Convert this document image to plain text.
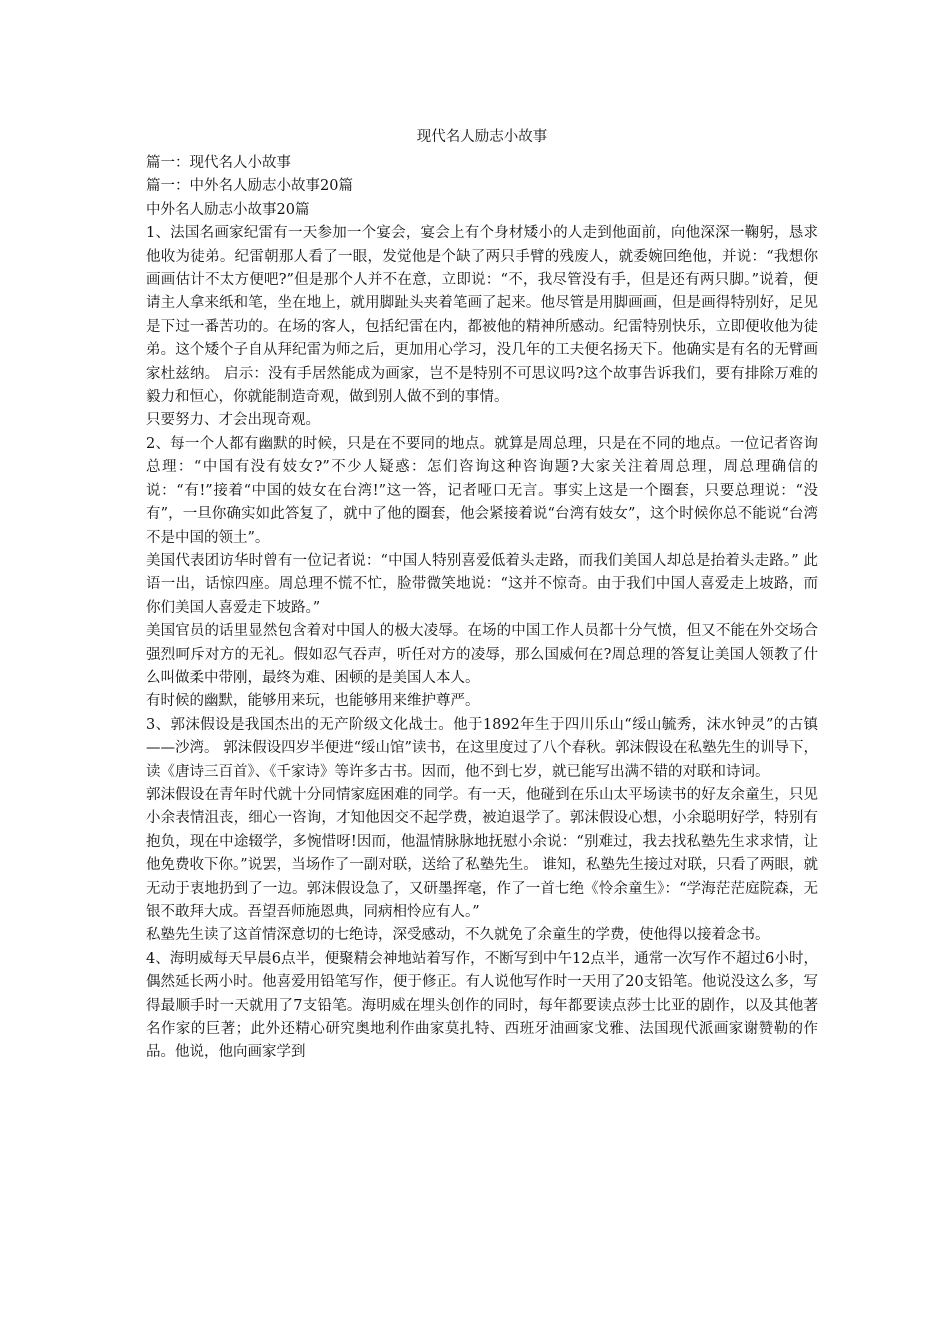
现代名人励志小故事

篇一：现代名人小故事

篇一：中外名人励志小故事20篇

中外名人励志小故事20篇

1、法国名画家纪雷有一天参加一个宴会，宴会上有个身材矮小的人走到他面前，向他深深一鞠躬，恳求他收为徒弟。纪雷朝那人看了一眼，发觉他是个缺了两只手臂的残废人，就委婉回绝他，并说：“我想你画画估计不太方便吧?”但是那个人并不在意，立即说：“不，我尽管没有手，但是还有两只脚。”说着，便请主人拿来纸和笔，坐在地上，就用脚趾头夹着笔画了起来。他尽管是用脚画画，但是画得特别好，足见是下过一番苦功的。在场的客人，包括纪雷在内，都被他的精神所感动。纪雷特别快乐，立即便收他为徒弟。这个矮个子自从拜纪雷为师之后，更加用心学习，没几年的工夫便名扬天下。他确实是有名的无臂画家杜兹纳。 启示：没有手居然能成为画家，岂不是特别不可思议吗?这个故事告诉我们，要有排除万难的毅力和恒心，你就能制造奇观，做到别人做不到的事情。

只要努力、才会出现奇观。

2、每一个人都有幽默的时候，只是在不要同的地点。就算是周总理，只是在不同的地点。一位记者咨询总理：“中国有没有妓女?”不少人疑惑：怎们咨询这种咨询题?大家关注着周总理，周总理确信的说：“有!”接着“中国的妓女在台湾!”这一答，记者哑口无言。事实上这是一个圈套，只要总理说：“没有”，一旦你确实如此答复了，就中了他的圈套，他会紧接着说“台湾有妓女”，这个时候你总不能说“台湾不是中国的领土”。

美国代表团访华时曾有一位记者说：“中国人特别喜爱低着头走路，而我们美国人却总是抬着头走路。” 此语一出，话惊四座。周总理不慌不忙，脸带微笑地说：“这并不惊奇。由于我们中国人喜爱走上坡路，而你们美国人喜爱走下坡路。”

美国官员的话里显然包含着对中国人的极大凌辱。在场的中国工作人员都十分气愤，但又不能在外交场合强烈呵斥对方的无礼。假如忍气吞声，听任对方的凌辱，那么国威何在?周总理的答复让美国人领教了什么叫做柔中带刚，最终为难、困顿的是美国人本人。

有时候的幽默，能够用来玩，也能够用来维护尊严。

3、郭沫假设是我国杰出的无产阶级文化战士。他于1892年生于四川乐山“绥山毓秀，沫水钟灵”的古镇——沙湾。 郭沫假设四岁半便进“绥山馆”读书，在这里度过了八个春秋。郭沫假设在私塾先生的训导下，读《唐诗三百首》、《千家诗》等许多古书。因而，他不到七岁，就已能写出满不错的对联和诗词。

郭沫假设在青年时代就十分同情家庭困难的同学。有一天，他碰到在乐山太平场读书的好友余童生，只见小余表情沮丧，细心一咨询，才知他因交不起学费，被迫退学了。郭沫假设心想，小余聪明好学，特别有抱负，现在中途辍学，多惋惜呀!因而，他温情脉脉地抚慰小余说：“别难过，我去找私塾先生求求情，让他免费收下你。”说罢，当场作了一副对联，送给了私塾先生。 谁知，私塾先生接过对联，只看了两眼，就无动于衷地扔到了一边。郭沫假设急了，又研墨挥毫，作了一首七绝《怜余童生》：“学海茫茫庭院森，无银不敢拜大成。吾望吾师施恩典，同病相怜应有人。”

私塾先生读了这首情深意切的七绝诗，深受感动，不久就免了余童生的学费，使他得以接着念书。

4、海明威每天早晨6点半，便聚精会神地站着写作，不断写到中午12点半，通常一次写作不超过6小时，偶然延长两小时。他喜爱用铅笔写作，便于修正。有人说他写作时一天用了20支铅笔。他说没这么多，写得最顺手时一天就用了7支铅笔。海明威在埋头创作的同时，每年都要读点莎士比亚的剧作，以及其他著名作家的巨著；此外还精心研究奥地利作曲家莫扎特、西班牙油画家戈雅、法国现代派画家谢赞勒的作品。他说，他向画家学到
